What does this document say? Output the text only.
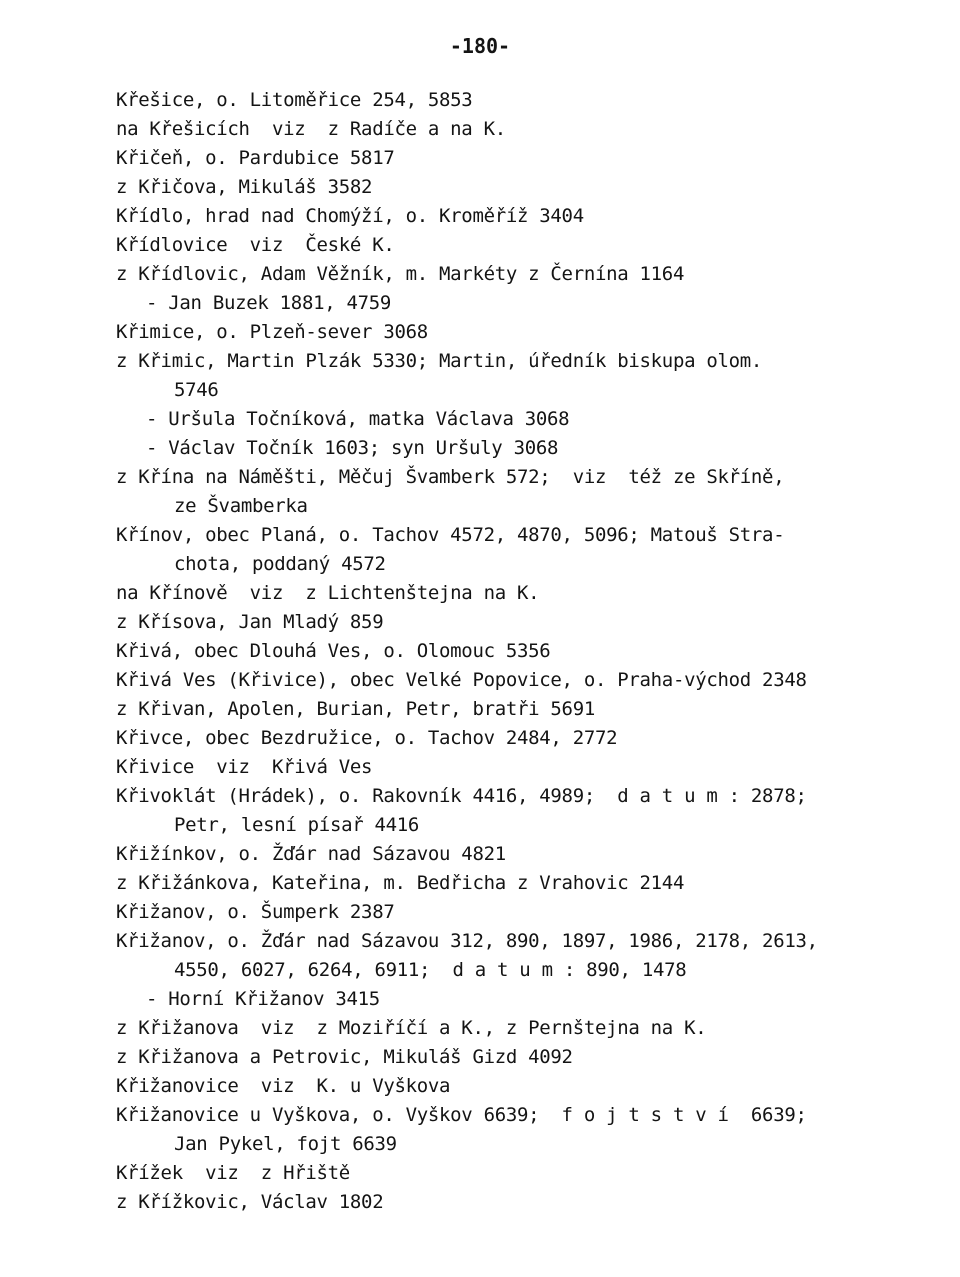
-180-
Křešice, o. Litoměřice 254, 5853
na Křešicích  viz  z Radíče a na K.
Křičeň, o. Pardubice 5817
z Křičova, Mikuláš 3582
Křídlo, hrad nad Chomýží, o. Kroměříž 3404
Křídlovice  viz  České K.
z Křídlovic, Adam Věžník, m. Markéty z Černína 1164
- Jan Buzek 1881, 4759
Křimice, o. Plzeň-sever 3068
z Křimic, Martin Plzák 5330; Martin, úředník biskupa olom.
5746
- Uršula Točníková, matka Václava 3068
- Václav Točník 1603; syn Uršuly 3068
z Křína na Náměšti, Měčuj Švamberk 572;  viz  též ze Skříně,
ze Švamberka
Křínov, obec Planá, o. Tachov 4572, 4870, 5096; Matouš Stra-
chota, poddaný 4572
na Křínově  viz  z Lichtenštejna na K.
z Křísova, Jan Mladý 859
Křivá, obec Dlouhá Ves, o. Olomouc 5356
Křivá Ves (Křivice), obec Velké Popovice, o. Praha-východ 2348
z Křivan, Apolen, Burian, Petr, bratři 5691
Křivce, obec Bezdružice, o. Tachov 2484, 2772
Křivice  viz  Křivá Ves
Křivoklát (Hrádek), o. Rakovník 4416, 4989;  d a t u m : 2878;
Petr, lesní písař 4416
Křižínkov, o. Žďár nad Sázavou 4821
z Křižánkova, Kateřina, m. Bedřicha z Vrahovic 2144
Křižanov, o. Šumperk 2387
Křižanov, o. Žďár nad Sázavou 312, 890, 1897, 1986, 2178, 2613,
4550, 6027, 6264, 6911;  d a t u m : 890, 1478
- Horní Křižanov 3415
z Křižanova  viz  z Moziříčí a K., z Pernštejna na K.
z Křižanova a Petrovic, Mikuláš Gizd 4092
Křižanovice  viz  K. u Vyškova
Křižanovice u Vyškova, o. Vyškov 6639;  f o j t s t v í  6639;
Jan Pykel, fojt 6639
Křížek  viz  z Hřiště
z Křížkovic, Václav 1802
